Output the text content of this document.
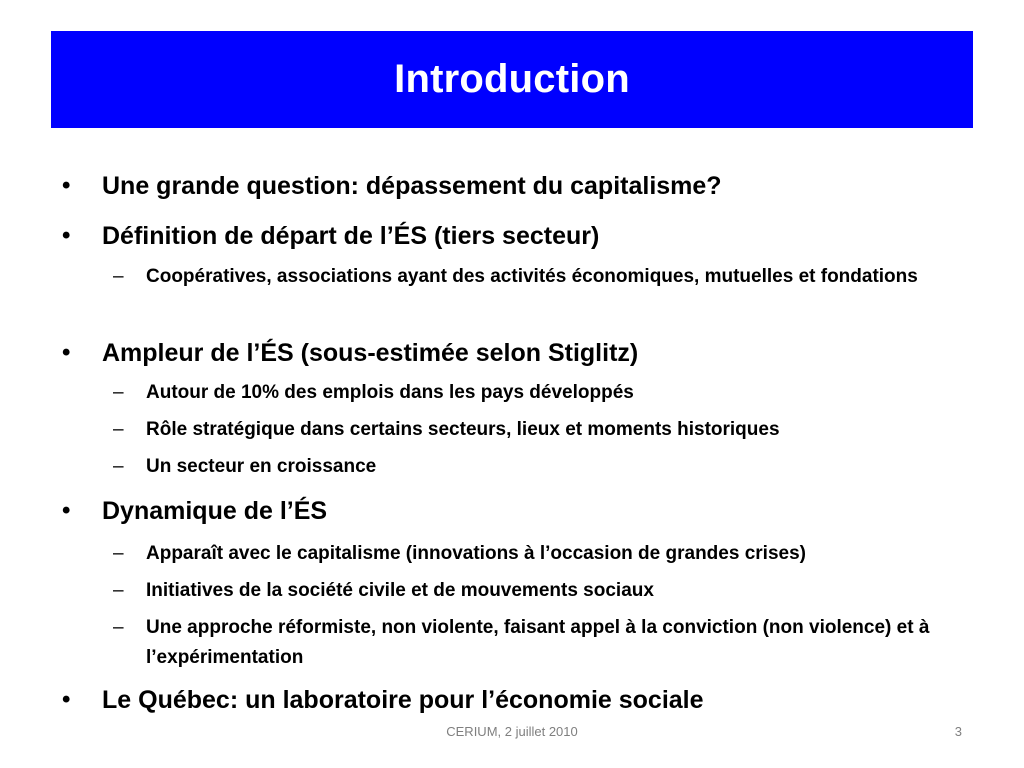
Introduction
• Une grande question: dépassement du capitalisme?
• Définition de départ de l’ÉS (tiers secteur)
– Coopératives, associations ayant des activités économiques, mutuelles et fondations
• Ampleur de l’ÉS (sous-estimée selon Stiglitz)
– Autour de 10% des emplois dans les pays développés
– Rôle stratégique dans certains secteurs, lieux et moments historiques
– Un secteur en croissance
• Dynamique de l’ÉS
– Apparaît avec le capitalisme (innovations à l’occasion de grandes crises)
– Initiatives de la société civile et de mouvements sociaux
– Une approche réformiste, non violente, faisant appel à la conviction (non violence) et à l’expérimentation
• Le Québec: un laboratoire pour l’économie sociale
CERIUM, 2 juillet 2010	3
